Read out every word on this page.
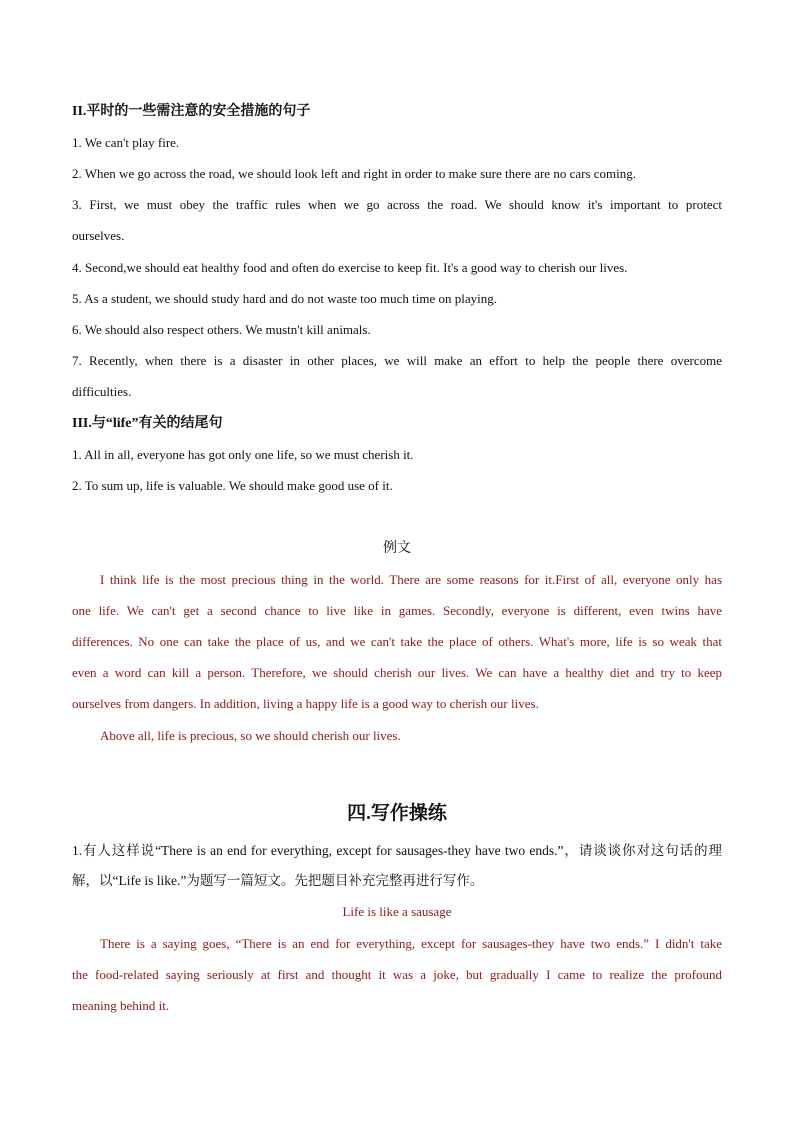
II.平时的一些需注意的安全措施的句子
1. We can't play fire.
2. When we go across the road, we should look left and right in order to make sure there are no cars coming.
3. First, we must obey the traffic rules when we go across the road. We should know it's important to protect
ourselves.
4. Second,we should eat healthy food and often do exercise to keep fit. It's a good way to cherish our lives.
5. As a student, we should study hard and do not waste too much time on playing.
6. We should also respect others. We mustn't kill animals.
7. Recently, when there is a disaster in other places, we will make an effort to help the people there overcome
difficulties.
III.与“life”有关的结尾句
1. All in all, everyone has got only one life, so we must cherish it.
2. To sum up, life is valuable. We should make good use of it.
例文
I think life is the most precious thing in the world. There are some reasons for it.First of all, everyone only has
one life. We can't get a second chance to live like in games. Secondly, everyone is different, even twins have
differences. No one can take the place of us, and we can't take the place of others. What's more, life is so weak that
even a word can kill a person. Therefore, we should cherish our lives. We can have a healthy diet and try to keep
ourselves from dangers. In addition, living a happy life is a good way to cherish our lives.
Above all, life is precious, so we should cherish our lives.
四.写作操练
1.有人这样说“There is an end for everything, except for sausages-they have two ends.”，请谈谈你对这句话的理
解，以“Life is like.”为题写一篇短文。先把题目补充完整再进行写作。
Life is like a sausage
There is a saying goes, “There is an end for everything, except for sausages-they have two ends.” I didn't take
the food-related saying seriously at first and thought it was a joke, but gradually I came to realize the profound
meaning behind it.
